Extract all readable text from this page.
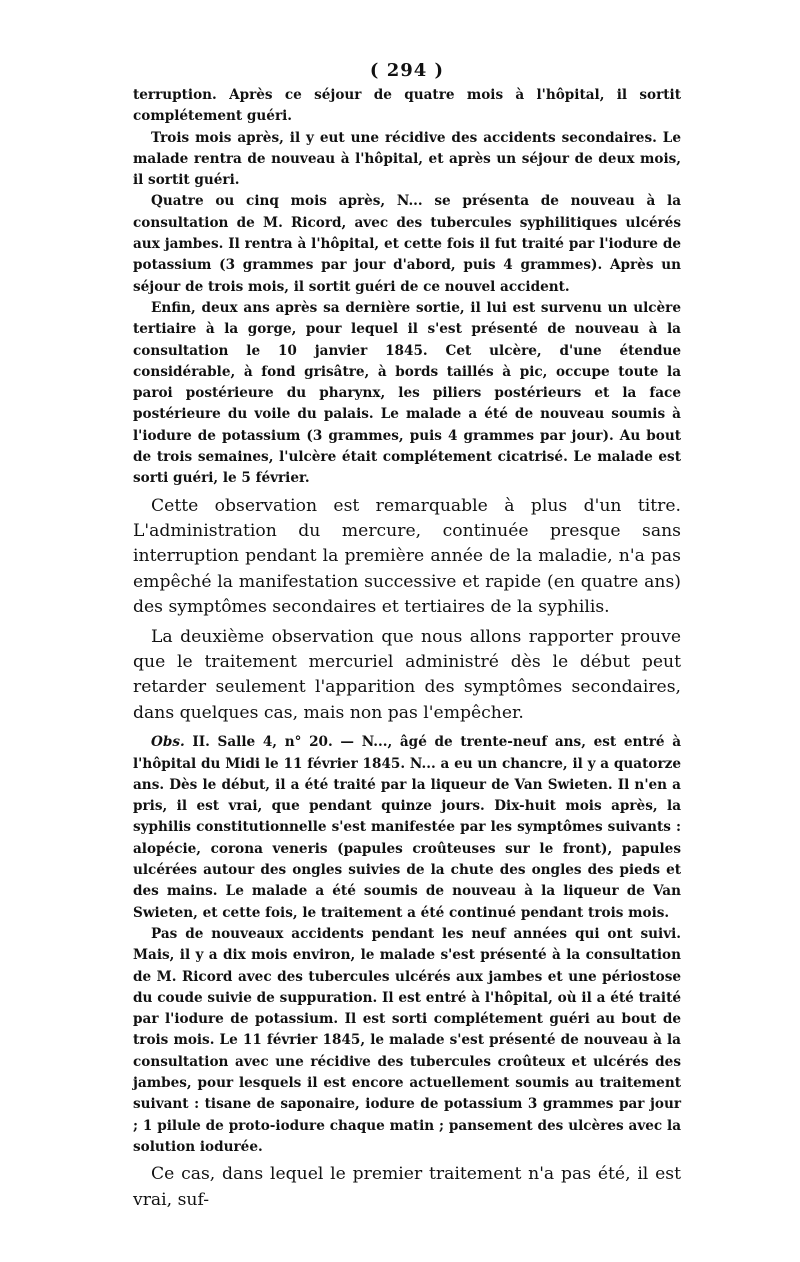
( 294 )

terruption. Après ce séjour de quatre mois à l'hôpital, il sortit complétement guéri.

Trois mois après, il y eut une récidive des accidents secondaires. Le malade rentra de nouveau à l'hôpital, et après un séjour de deux mois, il sortit guéri.

Quatre ou cinq mois après, N... se présenta de nouveau à la consultation de M. Ricord, avec des tubercules syphilitiques ulcérés aux jambes. Il rentra à l'hôpital, et cette fois il fut traité par l'iodure de potassium (3 grammes par jour d'abord, puis 4 grammes). Après un séjour de trois mois, il sortit guéri de ce nouvel accident.

Enfin, deux ans après sa dernière sortie, il lui est survenu un ulcère tertiaire à la gorge, pour lequel il s'est présenté de nouveau à la consultation le 10 janvier 1845. Cet ulcère, d'une étendue considérable, à fond grisâtre, à bords taillés à pic, occupe toute la paroi postérieure du pharynx, les piliers postérieurs et la face postérieure du voile du palais. Le malade a été de nouveau soumis à l'iodure de potassium (3 grammes, puis 4 grammes par jour). Au bout de trois semaines, l'ulcère était complétement cicatrisé. Le malade est sorti guéri, le 5 février.

Cette observation est remarquable à plus d'un titre. L'administration du mercure, continuée presque sans interruption pendant la première année de la maladie, n'a pas empêché la manifestation successive et rapide (en quatre ans) des symptômes secondaires et tertiaires de la syphilis.

La deuxième observation que nous allons rapporter prouve que le traitement mercuriel administré dès le début peut retarder seulement l'apparition des symptômes secondaires, dans quelques cas, mais non pas l'empêcher.

Obs. II. Salle 4, n° 20. — N..., âgé de trente-neuf ans, est entré à l'hôpital du Midi le 11 février 1845. N... a eu un chancre, il y a quatorze ans. Dès le début, il a été traité par la liqueur de Van Swieten. Il n'en a pris, il est vrai, que pendant quinze jours. Dix-huit mois après, la syphilis constitutionnelle s'est manifestée par les symptômes suivants : alopécie, corona veneris (papules croûteuses sur le front), papules ulcérées autour des ongles suivies de la chute des ongles des pieds et des mains. Le malade a été soumis de nouveau à la liqueur de Van Swieten, et cette fois, le traitement a été continué pendant trois mois.

Pas de nouveaux accidents pendant les neuf années qui ont suivi. Mais, il y a dix mois environ, le malade s'est présenté à la consultation de M. Ricord avec des tubercules ulcérés aux jambes et une périostose du coude suivie de suppuration. Il est entré à l'hôpital, où il a été traité par l'iodure de potassium. Il est sorti complétement guéri au bout de trois mois. Le 11 février 1845, le malade s'est présenté de nouveau à la consultation avec une récidive des tubercules croûteux et ulcérés des jambes, pour lesquels il est encore actuellement soumis au traitement suivant : tisane de saponaire, iodure de potassium 3 grammes par jour ; 1 pilule de proto-iodure chaque matin ; pansement des ulcères avec la solution iodurée.

Ce cas, dans lequel le premier traitement n'a pas été, il est vrai, suf-
